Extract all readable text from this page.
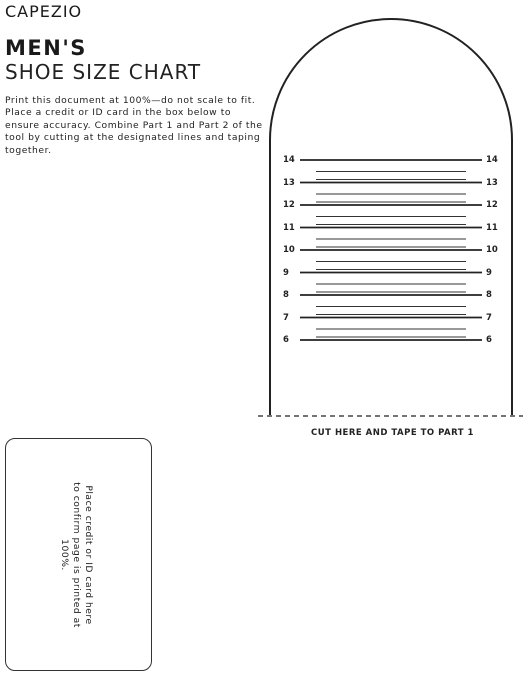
CAPEZIO
MEN'S
SHOE SIZE CHART
Print this document at 100%—do not scale to fit. Place a credit or ID card in the box below to ensure accuracy. Combine Part 1 and Part 2 of the tool by cutting at the designated lines and taping together.
14	14
13	13
12	12
11	11
10	10
9	9
8	8
7	7
6	6
CUT HERE AND TAPE TO PART 1
Place credit or ID card here to confirm page is printed at 100%.
